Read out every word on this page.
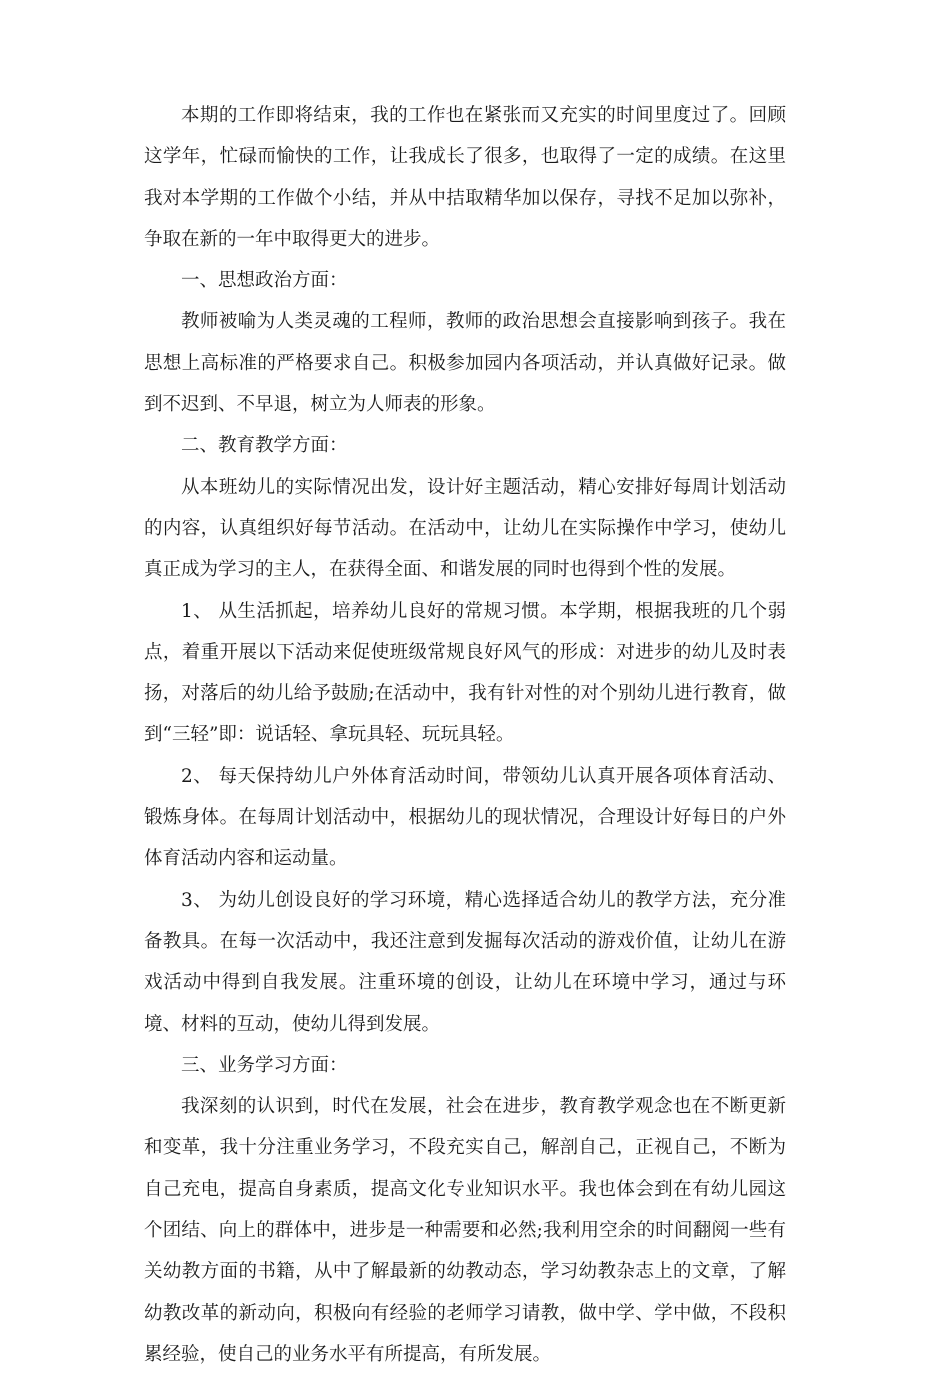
本期的工作即将结束，我的工作也在紧张而又充实的时间里度过了。回顾这学年，忙碌而愉快的工作，让我成长了很多，也取得了一定的成绩。在这里我对本学期的工作做个小结，并从中拮取精华加以保存，寻找不足加以弥补，争取在新的一年中取得更大的进步。

一、思想政治方面：

教师被喻为人类灵魂的工程师，教师的政治思想会直接影响到孩子。我在思想上高标准的严格要求自己。积极参加园内各项活动，并认真做好记录。做到不迟到、不早退，树立为人师表的形象。

二、教育教学方面：

从本班幼儿的实际情况出发，设计好主题活动，精心安排好每周计划活动的内容，认真组织好每节活动。在活动中，让幼儿在实际操作中学习，使幼儿真正成为学习的主人，在获得全面、和谐发展的同时也得到个性的发展。

1、 从生活抓起，培养幼儿良好的常规习惯。本学期，根据我班的几个弱点，着重开展以下活动来促使班级常规良好风气的形成：对进步的幼儿及时表扬，对落后的幼儿给予鼓励;在活动中，我有针对性的对个别幼儿进行教育，做到“三轻”即：说话轻、拿玩具轻、玩玩具轻。

2、 每天保持幼儿户外体育活动时间，带领幼儿认真开展各项体育活动、锻炼身体。在每周计划活动中，根据幼儿的现状情况，合理设计好每日的户外体育活动内容和运动量。

3、 为幼儿创设良好的学习环境，精心选择适合幼儿的教学方法，充分准备教具。在每一次活动中，我还注意到发掘每次活动的游戏价值，让幼儿在游戏活动中得到自我发展。注重环境的创设，让幼儿在环境中学习，通过与环境、材料的互动，使幼儿得到发展。

三、业务学习方面：

我深刻的认识到，时代在发展，社会在进步，教育教学观念也在不断更新和变革，我十分注重业务学习，不段充实自己，解剖自己，正视自己，不断为自己充电，提高自身素质，提高文化专业知识水平。我也体会到在有幼儿园这个团结、向上的群体中，进步是一种需要和必然;我利用空余的时间翻阅一些有关幼教方面的书籍，从中了解最新的幼教动态，学习幼教杂志上的文章，了解幼教改革的新动向，积极向有经验的老师学习请教，做中学、学中做，不段积累经验，使自己的业务水平有所提高，有所发展。
